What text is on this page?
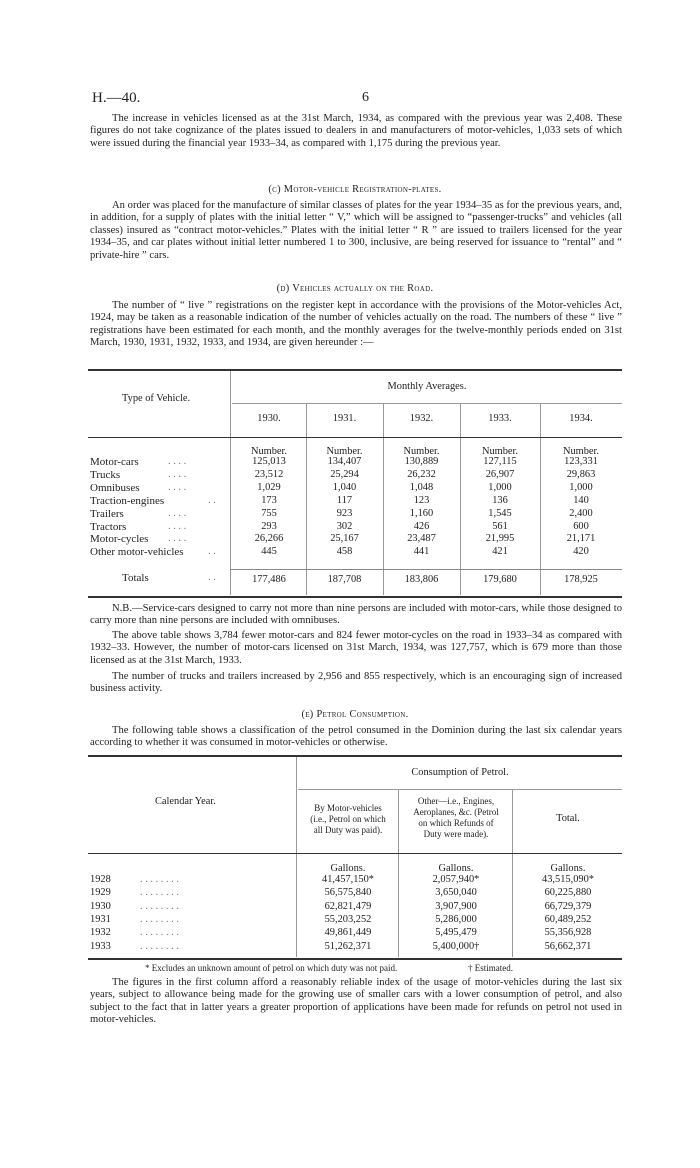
H.—40.	6

The increase in vehicles licensed as at the 31st March, 1934, as compared with the previous year was 2,408. These figures do not take cognizance of the plates issued to dealers in and manufacturers of motor-vehicles, 1,033 sets of which were issued during the financial year 1933–34, as compared with 1,175 during the previous year.

(c) Motor-vehicle Registration-plates.

An order was placed for the manufacture of similar classes of plates for the year 1934–35 as for the previous years, and, in addition, for a supply of plates with the initial letter “ V,” which will be assigned to “passenger-trucks” and vehicles (all classes) insured as “contract motor-vehicles.” Plates with the initial letter “ R ” are issued to trailers licensed for the year 1934–35, and car plates without initial letter numbered 1 to 300, inclusive, are being reserved for issuance to “rental” and “ private-hire ” cars.

(d) Vehicles actually on the Road.

The number of “ live ” registrations on the register kept in accordance with the provisions of the Motor-vehicles Act, 1924, may be taken as a reasonable indication of the number of vehicles actually on the road. The numbers of these “ live ” registrations have been estimated for each month, and the monthly averages for the twelve-monthly periods ended on 31st March, 1930, 1931, 1932, 1933, and 1934, are given hereunder :—

Type of Vehicle.
Monthly Averages.
1930.	1931.	1932.	1933.	1934.
Number.	Number.	Number.	Number.	Number.
Motor-cars	. . . .	125,013	134,407	130,889	127,115	123,331
Trucks	. . . .	23,512	25,294	26,232	26,907	29,863
Omnibuses	. . . .	1,029	1,040	1,048	1,000	1,000
Traction-engines	. .	173	117	123	136	140
Trailers	. . . .	755	923	1,160	1,545	2,400
Tractors	. . . .	293	302	426	561	600
Motor-cycles . . . .	26,266	25,167	23,487	21,995	21,171
Other motor-vehicles . .	445	458	441	421	420
Totals	. .	177,486	187,708	183,806	179,680	178,925

N.B.—Service-cars designed to carry not more than nine persons are included with motor-cars, while those designed to carry more than nine persons are included with omnibuses.

The above table shows 3,784 fewer motor-cars and 824 fewer motor-cycles on the road in 1933–34 as compared with 1932–33. However, the number of motor-cars licensed on 31st March, 1934, was 127,757, which is 679 more than those licensed as at the 31st March, 1933.

The number of trucks and trailers increased by 2,956 and 855 respectively, which is an encouraging sign of increased business activity.

(e) Petrol Consumption.

The following table shows a classification of the petrol consumed in the Dominion during the last six calendar years according to whether it was consumed in motor-vehicles or otherwise.

Calendar Year.
Consumption of Petrol.
By Motor-vehicles
(i.e., Petrol on which
all Duty was paid).
Other—i.e., Engines,
Aeroplanes, &c. (Petrol
on which Refunds of
Duty were made).
Total.
Gallons.	Gallons.	Gallons.
1928	. . . . . . . .	41,457,150*	2,057,940*	43,515,090*
1929	. . . . . . . .	56,575,840	3,650,040	60,225,880
1930	. . . . . . . .	62,821,479	3,907,900	66,729,379
1931	. . . . . . . .	55,203,252	5,286,000	60,489,252
1932	. . . . . . . .	49,861,449	5,495,479	55,356,928
1933	. . . . . . . .	51,262,371	5,400,000†	56,662,371
* Excludes an unknown amount of petrol on which duty was not paid.	† Estimated.

The figures in the first column afford a reasonably reliable index of the usage of motor-vehicles during the last six years, subject to allowance being made for the growing use of smaller cars with a lower consumption of petrol, and also subject to the fact that in latter years a greater proportion of applications have been made for refunds on petrol not used in motor-vehicles.
